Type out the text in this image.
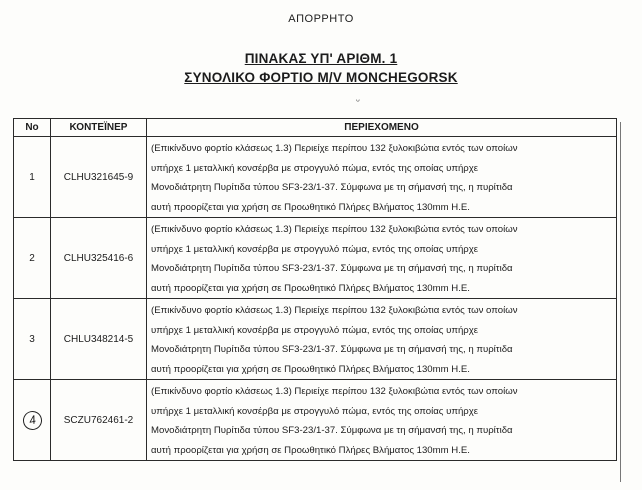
ΑΠΟΡΡΗΤΟ
ΠΙΝΑΚΑΣ ΥΠ' ΑΡΙΘΜ. 1
ΣΥΝΟΛΙΚΟ ΦΟΡΤΙΟ M/V MONCHEGORSK
ᵕ
No	ΚΟΝΤΕΪΝΕΡ	ΠΕΡΙΕΧΟΜΕΝΟ
1	CLHU321645-9	(Επικίνδυνο φορτίο κλάσεως 1.3) Περιείχε περίπου 132 ξυλοκιβώτια εντός των οποίων
υπήρχε 1 μεταλλική κονσέρβα με στρογγυλό πώμα, εντός της οποίας υπήρχε
Μονοδιάτρητη Πυρίτιδα τύπου SF3-23/1-37. Σύμφωνα με τη σήμανσή της, η πυρίτιδα
αυτή προορίζεται για χρήση σε Προωθητικό Πλήρες Βλήματος 130mm Η.Ε.

2	CLHU325416-6	(Επικίνδυνο φορτίο κλάσεως 1.3) Περιείχε περίπου 132 ξυλοκιβώτια εντός των οποίων
υπήρχε 1 μεταλλική κονσέρβα με στρογγυλό πώμα, εντός της οποίας υπήρχε
Μονοδιάτρητη Πυρίτιδα τύπου SF3-23/1-37. Σύμφωνα με τη σήμανσή της, η πυρίτιδα
αυτή προορίζεται για χρήση σε Προωθητικό Πλήρες Βλήματος 130mm Η.Ε.

3	CHLU348214-5	(Επικίνδυνο φορτίο κλάσεως 1.3) Περιείχε περίπου 132 ξυλοκιβώτια εντός των οποίων
υπήρχε 1 μεταλλική κονσέρβα με στρογγυλό πώμα, εντός της οποίας υπήρχε
Μονοδιάτρητη Πυρίτιδα τύπου SF3-23/1-37. Σύμφωνα με τη σήμανσή της, η πυρίτιδα
αυτή προορίζεται για χρήση σε Προωθητικό Πλήρες Βλήματος 130mm Η.Ε.

4	SCZU762461-2	(Επικίνδυνο φορτίο κλάσεως 1.3) Περιείχε περίπου 132 ξυλοκιβώτια εντός των οποίων
υπήρχε 1 μεταλλική κονσέρβα με στρογγυλό πώμα, εντός της οποίας υπήρχε
Μονοδιάτρητη Πυρίτιδα τύπου SF3-23/1-37. Σύμφωνα με τη σήμανσή της, η πυρίτιδα
αυτή προορίζεται για χρήση σε Προωθητικό Πλήρες Βλήματος 130mm Η.Ε.
